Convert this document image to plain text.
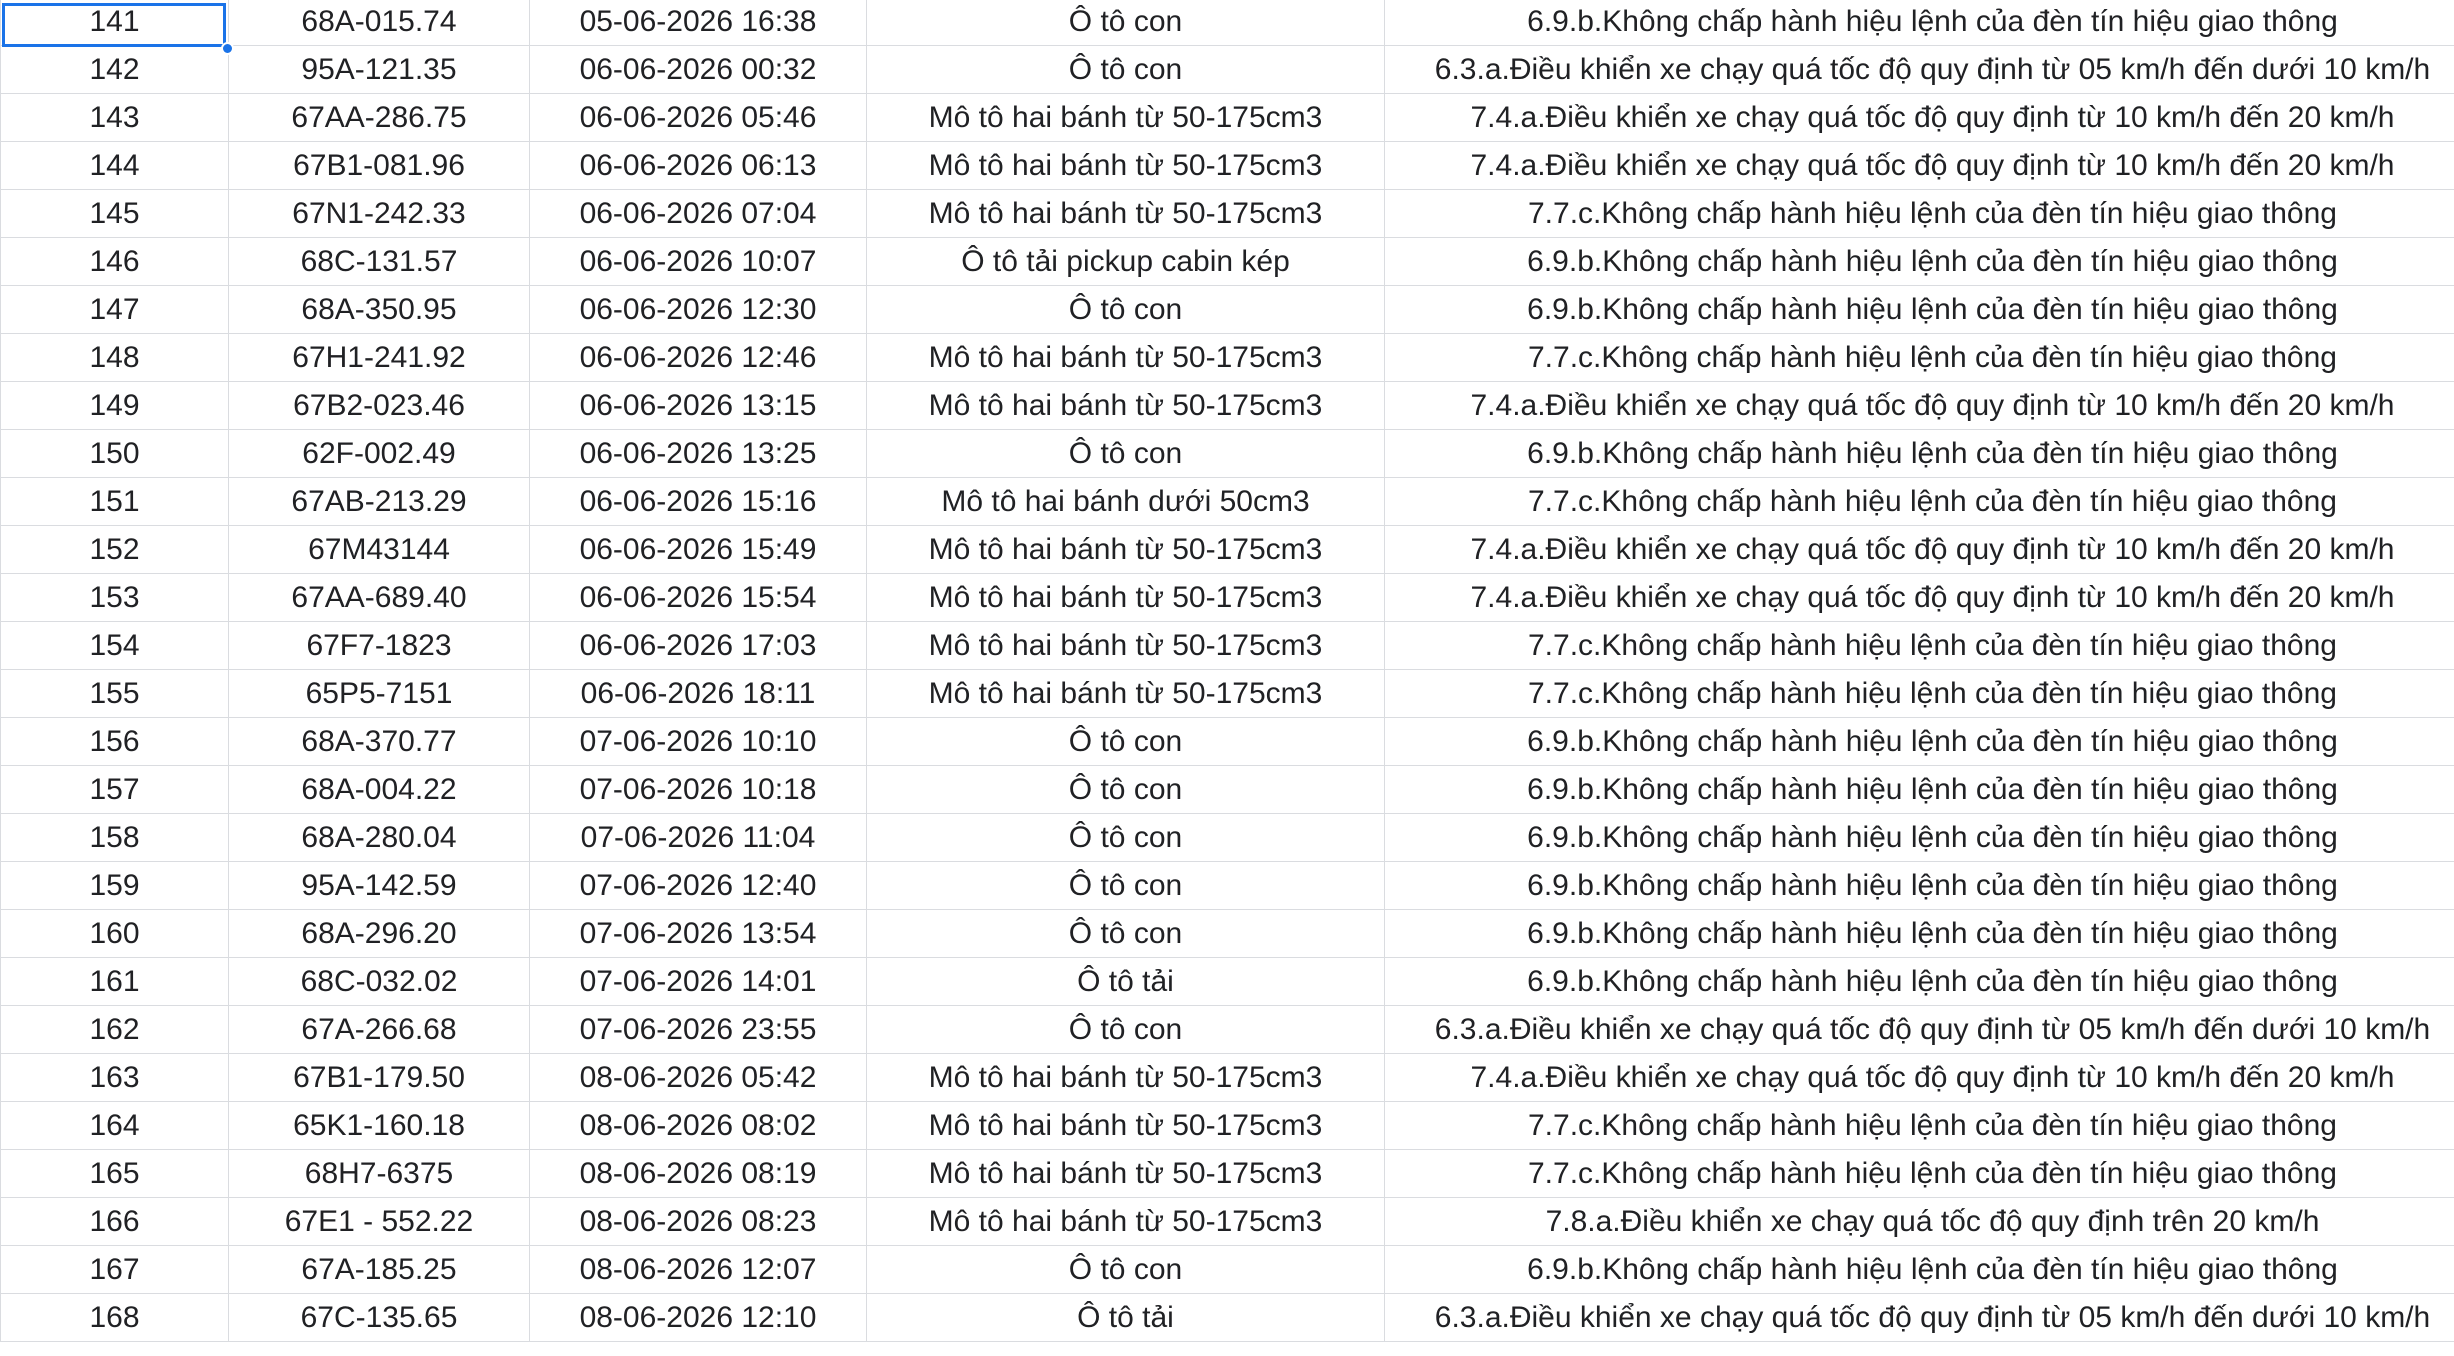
141	68A-015.74	05-06-2026 16:38	Ô tô con	6.9.b.Không chấp hành hiệu lệnh của đèn tín hiệu giao thông
142	95A-121.35	06-06-2026 00:32	Ô tô con	6.3.a.Điều khiển xe chạy quá tốc độ quy định từ 05 km/h đến dưới 10 km/h
143	67AA-286.75	06-06-2026 05:46	Mô tô hai bánh từ 50-175cm3	7.4.a.Điều khiển xe chạy quá tốc độ quy định từ 10 km/h đến 20 km/h
144	67B1-081.96	06-06-2026 06:13	Mô tô hai bánh từ 50-175cm3	7.4.a.Điều khiển xe chạy quá tốc độ quy định từ 10 km/h đến 20 km/h
145	67N1-242.33	06-06-2026 07:04	Mô tô hai bánh từ 50-175cm3	7.7.c.Không chấp hành hiệu lệnh của đèn tín hiệu giao thông
146	68C-131.57	06-06-2026 10:07	Ô tô tải pickup cabin kép	6.9.b.Không chấp hành hiệu lệnh của đèn tín hiệu giao thông
147	68A-350.95	06-06-2026 12:30	Ô tô con	6.9.b.Không chấp hành hiệu lệnh của đèn tín hiệu giao thông
148	67H1-241.92	06-06-2026 12:46	Mô tô hai bánh từ 50-175cm3	7.7.c.Không chấp hành hiệu lệnh của đèn tín hiệu giao thông
149	67B2-023.46	06-06-2026 13:15	Mô tô hai bánh từ 50-175cm3	7.4.a.Điều khiển xe chạy quá tốc độ quy định từ 10 km/h đến 20 km/h
150	62F-002.49	06-06-2026 13:25	Ô tô con	6.9.b.Không chấp hành hiệu lệnh của đèn tín hiệu giao thông
151	67AB-213.29	06-06-2026 15:16	Mô tô hai bánh dưới 50cm3	7.7.c.Không chấp hành hiệu lệnh của đèn tín hiệu giao thông
152	67M43144	06-06-2026 15:49	Mô tô hai bánh từ 50-175cm3	7.4.a.Điều khiển xe chạy quá tốc độ quy định từ 10 km/h đến 20 km/h
153	67AA-689.40	06-06-2026 15:54	Mô tô hai bánh từ 50-175cm3	7.4.a.Điều khiển xe chạy quá tốc độ quy định từ 10 km/h đến 20 km/h
154	67F7-1823	06-06-2026 17:03	Mô tô hai bánh từ 50-175cm3	7.7.c.Không chấp hành hiệu lệnh của đèn tín hiệu giao thông
155	65P5-7151	06-06-2026 18:11	Mô tô hai bánh từ 50-175cm3	7.7.c.Không chấp hành hiệu lệnh của đèn tín hiệu giao thông
156	68A-370.77	07-06-2026 10:10	Ô tô con	6.9.b.Không chấp hành hiệu lệnh của đèn tín hiệu giao thông
157	68A-004.22	07-06-2026 10:18	Ô tô con	6.9.b.Không chấp hành hiệu lệnh của đèn tín hiệu giao thông
158	68A-280.04	07-06-2026 11:04	Ô tô con	6.9.b.Không chấp hành hiệu lệnh của đèn tín hiệu giao thông
159	95A-142.59	07-06-2026 12:40	Ô tô con	6.9.b.Không chấp hành hiệu lệnh của đèn tín hiệu giao thông
160	68A-296.20	07-06-2026 13:54	Ô tô con	6.9.b.Không chấp hành hiệu lệnh của đèn tín hiệu giao thông
161	68C-032.02	07-06-2026 14:01	Ô tô tải	6.9.b.Không chấp hành hiệu lệnh của đèn tín hiệu giao thông
162	67A-266.68	07-06-2026 23:55	Ô tô con	6.3.a.Điều khiển xe chạy quá tốc độ quy định từ 05 km/h đến dưới 10 km/h
163	67B1-179.50	08-06-2026 05:42	Mô tô hai bánh từ 50-175cm3	7.4.a.Điều khiển xe chạy quá tốc độ quy định từ 10 km/h đến 20 km/h
164	65K1-160.18	08-06-2026 08:02	Mô tô hai bánh từ 50-175cm3	7.7.c.Không chấp hành hiệu lệnh của đèn tín hiệu giao thông
165	68H7-6375	08-06-2026 08:19	Mô tô hai bánh từ 50-175cm3	7.7.c.Không chấp hành hiệu lệnh của đèn tín hiệu giao thông
166	67E1 - 552.22	08-06-2026 08:23	Mô tô hai bánh từ 50-175cm3	7.8.a.Điều khiển xe chạy quá tốc độ quy định trên 20 km/h
167	67A-185.25	08-06-2026 12:07	Ô tô con	6.9.b.Không chấp hành hiệu lệnh của đèn tín hiệu giao thông
168	67C-135.65	08-06-2026 12:10	Ô tô tải	6.3.a.Điều khiển xe chạy quá tốc độ quy định từ 05 km/h đến dưới 10 km/h
